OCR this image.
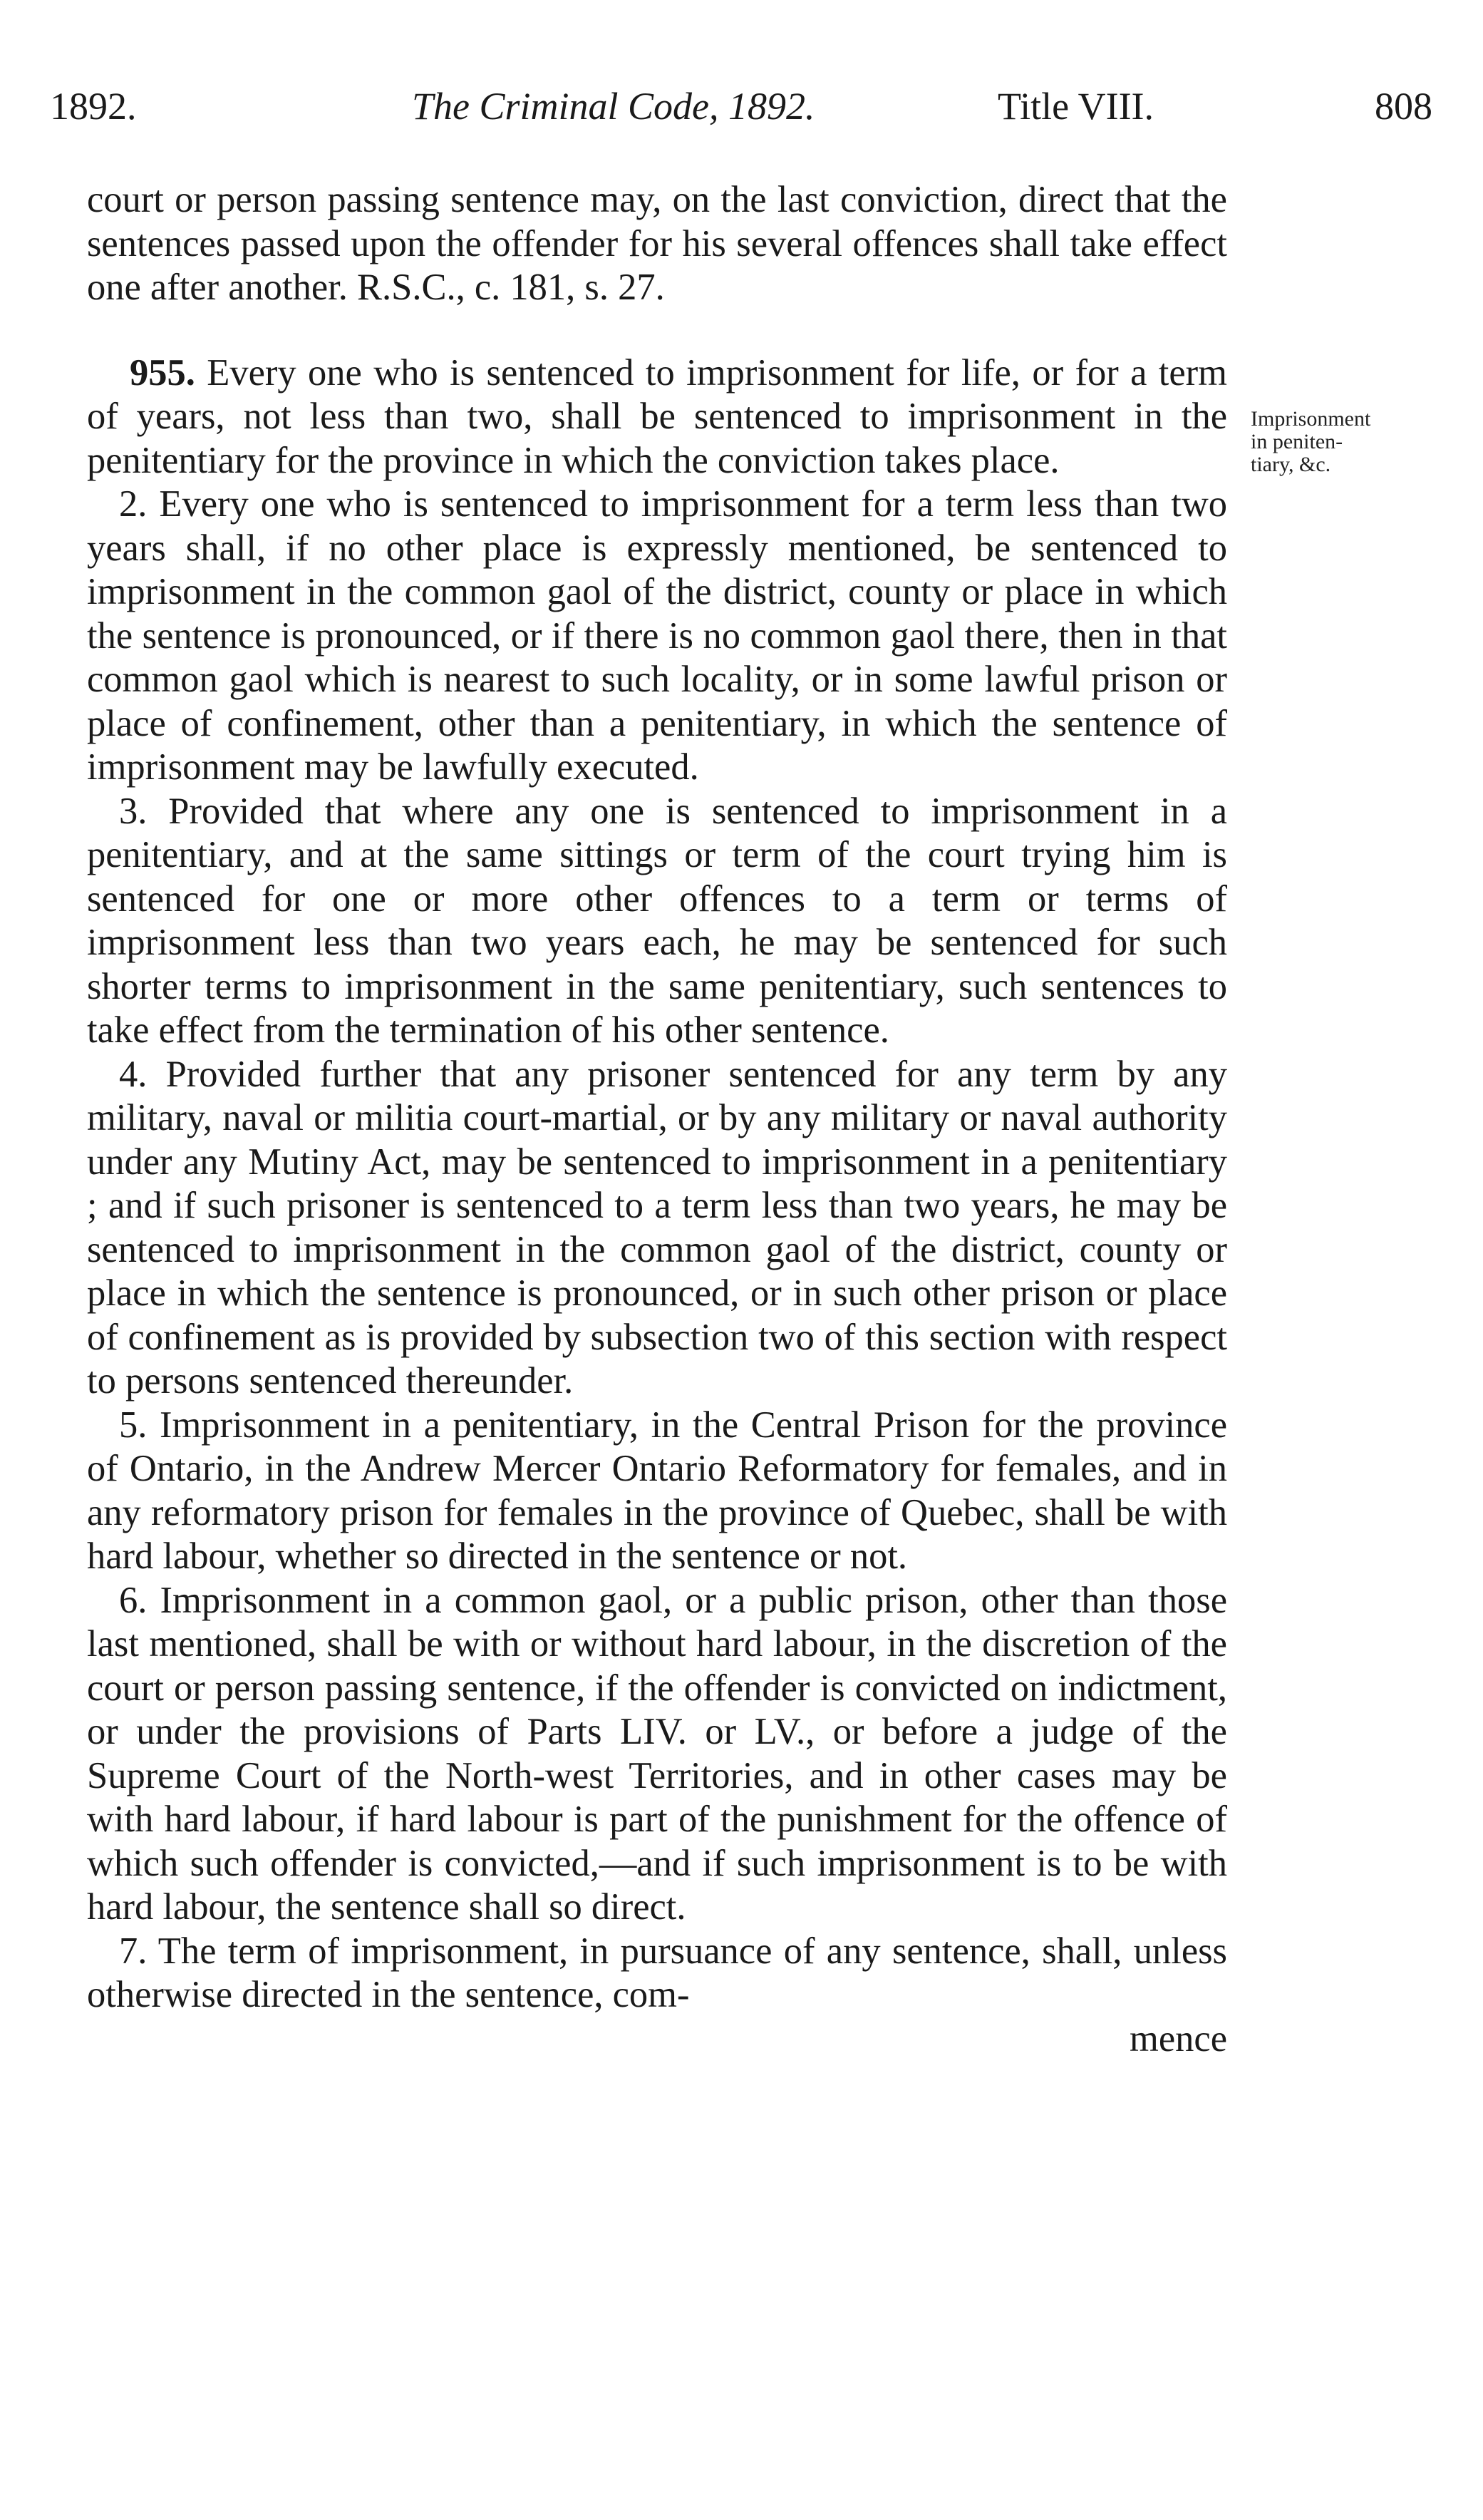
1892.	The Criminal Code, 1892.	Title VIII.	808

court or person passing sentence may, on the last conviction, direct that the sentences passed upon the offender for his several offences shall take effect one after another. R.S.C., c. 181, s. 27.

955. Every one who is sentenced to imprisonment for life, or for a term of years, not less than two, shall be sentenced to imprisonment in the penitentiary for the province in which the conviction takes place.

2. Every one who is sentenced to imprisonment for a term less than two years shall, if no other place is expressly mentioned, be sentenced to imprisonment in the common gaol of the district, county or place in which the sentence is pronounced, or if there is no common gaol there, then in that common gaol which is nearest to such locality, or in some lawful prison or place of confinement, other than a penitentiary, in which the sentence of imprisonment may be lawfully executed.

3. Provided that where any one is sentenced to imprisonment in a penitentiary, and at the same sittings or term of the court trying him is sentenced for one or more other offences to a term or terms of imprisonment less than two years each, he may be sentenced for such shorter terms to imprisonment in the same penitentiary, such sentences to take effect from the termination of his other sentence.

4. Provided further that any prisoner sentenced for any term by any military, naval or militia court-martial, or by any military or naval authority under any Mutiny Act, may be sentenced to imprisonment in a penitentiary ; and if such prisoner is sentenced to a term less than two years, he may be sentenced to imprisonment in the common gaol of the district, county or place in which the sentence is pronounced, or in such other prison or place of confinement as is provided by subsection two of this section with respect to persons sentenced thereunder.

5. Imprisonment in a penitentiary, in the Central Prison for the province of Ontario, in the Andrew Mercer Ontario Reformatory for females, and in any reformatory prison for females in the province of Quebec, shall be with hard labour, whether so directed in the sentence or not.

6. Imprisonment in a common gaol, or a public prison, other than those last mentioned, shall be with or without hard labour, in the discretion of the court or person passing sentence, if the offender is convicted on indictment, or under the provisions of Parts LIV. or LV., or before a judge of the Supreme Court of the North-west Territories, and in other cases may be with hard labour, if hard labour is part of the punishment for the offence of which such offender is convicted,—and if such imprisonment is to be with hard labour, the sentence shall so direct.

7. The term of imprisonment, in pursuance of any sentence, shall, unless otherwise directed in the sentence, com-

mence

Imprisonment
in peniten-
tiary, &c.
